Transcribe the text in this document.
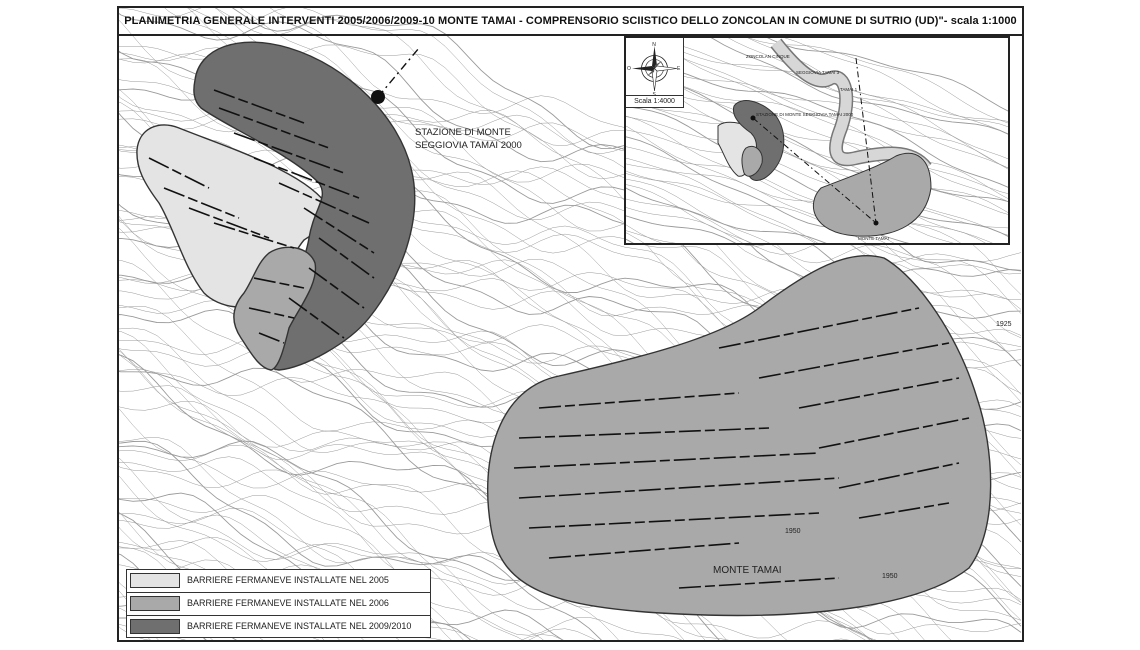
STAZIONE DI MONTE
SEGGIOVIA TAMAI 2000
MONTE TAMAI
1925
1950
1950
PLANIMETRIA GENERALE INTERVENTI 2005/2006/2009-10 MONTE TAMAI - COMPRENSORIO SCIISTICO DELLO ZONCOLAN IN COMUNE DI SUTRIO (UD)"- scala 1:1000
STAZIONE DI MONTE SEGGIOVIA TAMAI 2000
MONTE TAMAI
ZONCOLAN CINQUE
SEGGIOVIA TAMAI 3
TAMAI 1
N
S
E
O
Scala 1:4000
BARRIERE FERMANEVE INSTALLATE NEL 2005
BARRIERE FERMANEVE INSTALLATE NEL 2006
BARRIERE FERMANEVE INSTALLATE NEL 2009/2010
